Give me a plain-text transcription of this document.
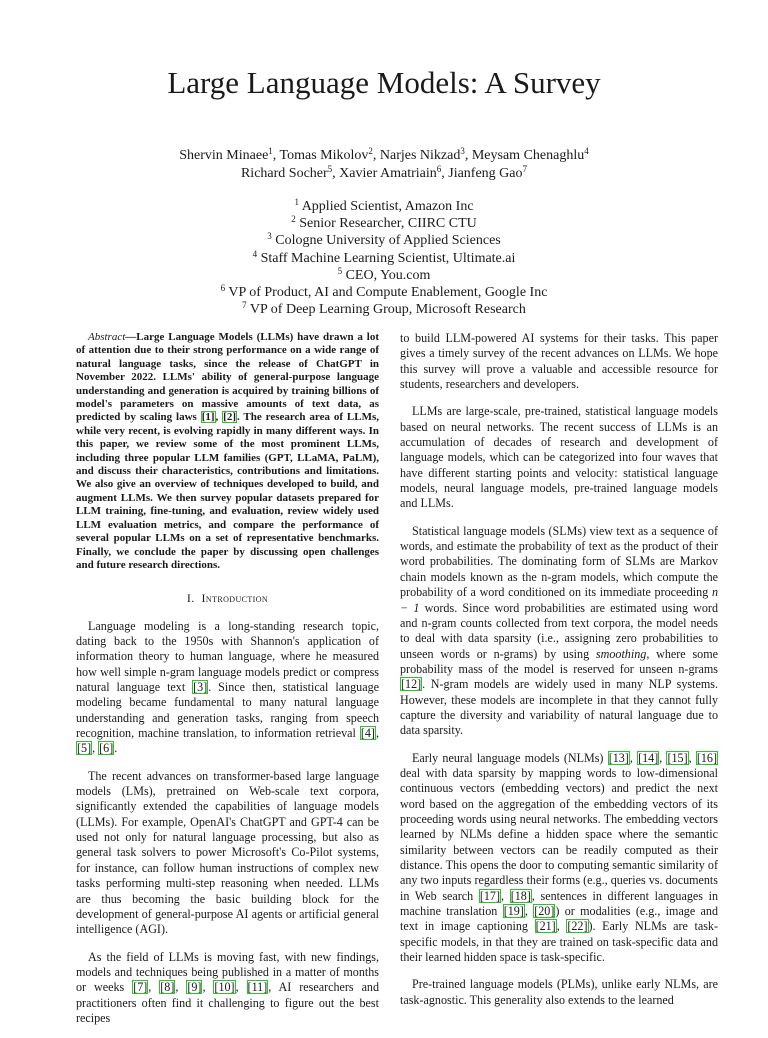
Large Language Models: A Survey
Shervin Minaee$^1$, Tomas Mikolov$^2$, Narjes Nikzad$^3$, Meysam Chenaghlu$^4$
Richard Socher$^5$, Xavier Amatriain$^6$, Jianfeng Gao$^7$
$^1$ Applied Scientist, Amazon Inc
$^2$ Senior Researcher, CIIRC CTU
$^3$ Cologne University of Applied Sciences
$^4$ Staff Machine Learning Scientist, Ultimate.ai
$^5$ CEO, You.com
$^6$ VP of Product, AI and Compute Enablement, Google Inc
$^7$ VP of Deep Learning Group, Microsoft Research

Abstract—Large Language Models (LLMs) have drawn a lot of attention due to their strong performance on a wide range of natural language tasks, since the release of ChatGPT in November 2022. LLMs' ability of general-purpose language understanding and generation is acquired by training billions of model's parameters on massive amounts of text data, as predicted by scaling laws [1], [2]. The research area of LLMs, while very recent, is evolving rapidly in many different ways. In this paper, we review some of the most prominent LLMs, including three popular LLM families (GPT, LLaMA, PaLM), and discuss their characteristics, contributions and limitations. We also give an overview of techniques developed to build, and augment LLMs. We then survey popular datasets prepared for LLM training, fine-tuning, and evaluation, review widely used LLM evaluation metrics, and compare the performance of several popular LLMs on a set of representative benchmarks. Finally, we conclude the paper by discussing open challenges and future research directions.

I. Introduction

Language modeling is a long-standing research topic, dating back to the 1950s with Shannon's application of information theory to human language, where he measured how well simple n-gram language models predict or compress natural language text [3]. Since then, statistical language modeling became fundamental to many natural language understanding and generation tasks, ranging from speech recognition, machine translation, to information retrieval [4], [5], [6].

The recent advances on transformer-based large language models (LMs), pretrained on Web-scale text corpora, significantly extended the capabilities of language models (LLMs). For example, OpenAI's ChatGPT and GPT-4 can be used not only for natural language processing, but also as general task solvers to power Microsoft's Co-Pilot systems, for instance, can follow human instructions of complex new tasks performing multi-step reasoning when needed. LLMs are thus becoming the basic building block for the development of general-purpose AI agents or artificial general intelligence (AGI).

As the field of LLMs is moving fast, with new findings, models and techniques being published in a matter of months or weeks [7], [8], [9], [10], [11], AI researchers and practitioners often find it challenging to figure out the best recipes

to build LLM-powered AI systems for their tasks. This paper gives a timely survey of the recent advances on LLMs. We hope this survey will prove a valuable and accessible resource for students, researchers and developers.

LLMs are large-scale, pre-trained, statistical language models based on neural networks. The recent success of LLMs is an accumulation of decades of research and development of language models, which can be categorized into four waves that have different starting points and velocity: statistical language models, neural language models, pre-trained language models and LLMs.

Statistical language models (SLMs) view text as a sequence of words, and estimate the probability of text as the product of their word probabilities. The dominating form of SLMs are Markov chain models known as the n-gram models, which compute the probability of a word conditioned on its immediate proceeding n − 1 words. Since word probabilities are estimated using word and n-gram counts collected from text corpora, the model needs to deal with data sparsity (i.e., assigning zero probabilities to unseen words or n-grams) by using smoothing, where some probability mass of the model is reserved for unseen n-grams [12]. N-gram models are widely used in many NLP systems. However, these models are incomplete in that they cannot fully capture the diversity and variability of natural language due to data sparsity.

Early neural language models (NLMs) [13], [14], [15], [16] deal with data sparsity by mapping words to low-dimensional continuous vectors (embedding vectors) and predict the next word based on the aggregation of the embedding vectors of its proceeding words using neural networks. The embedding vectors learned by NLMs define a hidden space where the semantic similarity between vectors can be readily computed as their distance. This opens the door to computing semantic similarity of any two inputs regardless their forms (e.g., queries vs. documents in Web search [17], [18], sentences in different languages in machine translation [19], [20]) or modalities (e.g., image and text in image captioning [21], [22]). Early NLMs are task-specific models, in that they are trained on task-specific data and their learned hidden space is task-specific.

Pre-trained language models (PLMs), unlike early NLMs, are task-agnostic. This generality also extends to the learned
